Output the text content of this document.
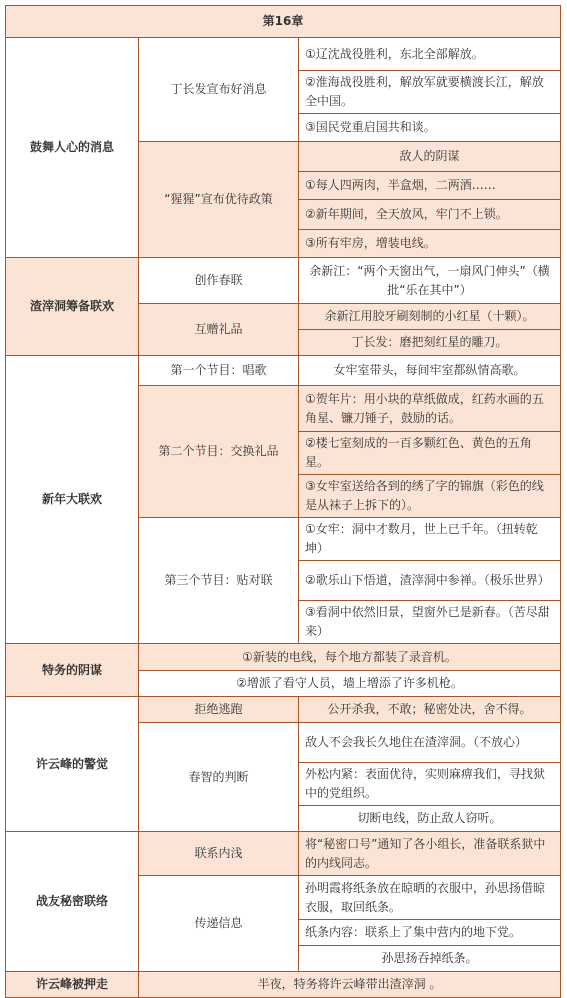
第16章		
鼓舞人心的消息	丁长发宣布好消息	①辽沈战役胜利，东北全部解放。
		②淮海战役胜利，解放军就要横渡长江，解放全中国。
		③国民党重启国共和谈。
	“猩猩”宣布优待政策	敌人的阴谋
		①每人四两肉，半盒烟，二两酒……
		②新年期间，全天放风，牢门不上锁。
		③所有牢房，增装电线。
渣滓洞筹备联欢	创作春联	余新江：“两个天窗出气，一扇风门伸头”（横批“乐在其中”）
	互赠礼品	余新江用胶牙刷刻制的小红星（十颗）。
		丁长发：磨把刻红星的雕刀。
新年大联欢	第一个节目：唱歌	女牢室带头，每间牢室都纵情高歌。
	第二个节目：交换礼品	①贺年片：用小块的草纸做成，红药水画的五角星、镰刀锤子，鼓励的话。
		②楼七室刻成的一百多颗红色、黄色的五角星。
		③女牢室送给各到的绣了字的锦旗（彩色的线是从袜子上拆下的）。
	第三个节目：贴对联	①女牢：洞中才数月，世上已千年。（扭转乾坤）
		②歌乐山下悟道，渣滓洞中参禅。（极乐世界）
		③看洞中依然旧景，望窗外已是新春。（苦尽甜来）
特务的阴谋	①新装的电线，每个地方都装了录音机。	
	②增派了看守人员，墙上增添了许多机枪。	
许云峰的警觉	拒绝逃跑	公开杀我，不敢；秘密处决，舍不得。
	春智的判断	敌人不会我长久地住在渣滓洞。（不放心）
		外松内紧：表面优待，实则麻痹我们，寻找狱中的党组织。
		切断电线，防止敌人窃听。
战友秘密联络	联系内浅	将“秘密口号”通知了各小组长，准备联系狱中的内线同志。
	传递信息	孙明霞将纸条放在晾晒的衣服中，孙思扬借晾衣服，取回纸条。
		纸条内容：联系上了集中营内的地下党。
		孙思扬吞掉纸条。
许云峰被押走	半夜，特务将许云峰带出渣滓洞 。	
